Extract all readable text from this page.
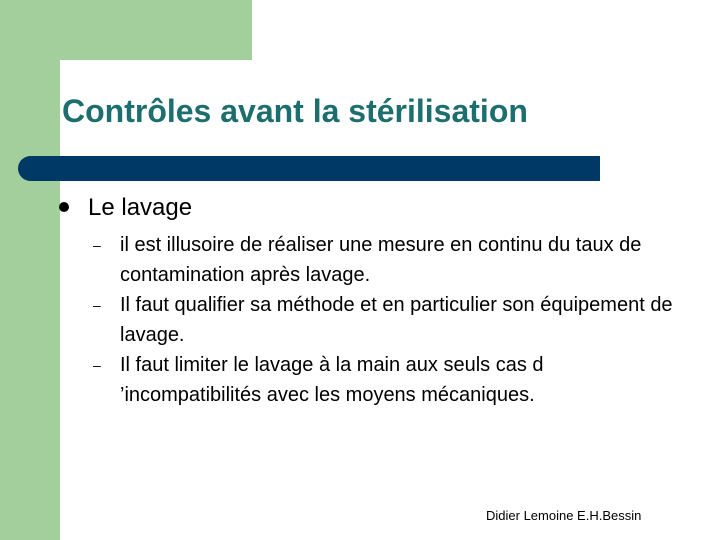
Contrôles avant la stérilisation
Le lavage
– il est illusoire de réaliser une mesure en continu du taux de contamination après lavage.
– Il faut qualifier sa méthode et en particulier son équipement de lavage.
– Il faut limiter le lavage à la main aux seuls cas d ’incompatibilités avec les moyens mécaniques.
Didier Lemoine E.H.Bessin
